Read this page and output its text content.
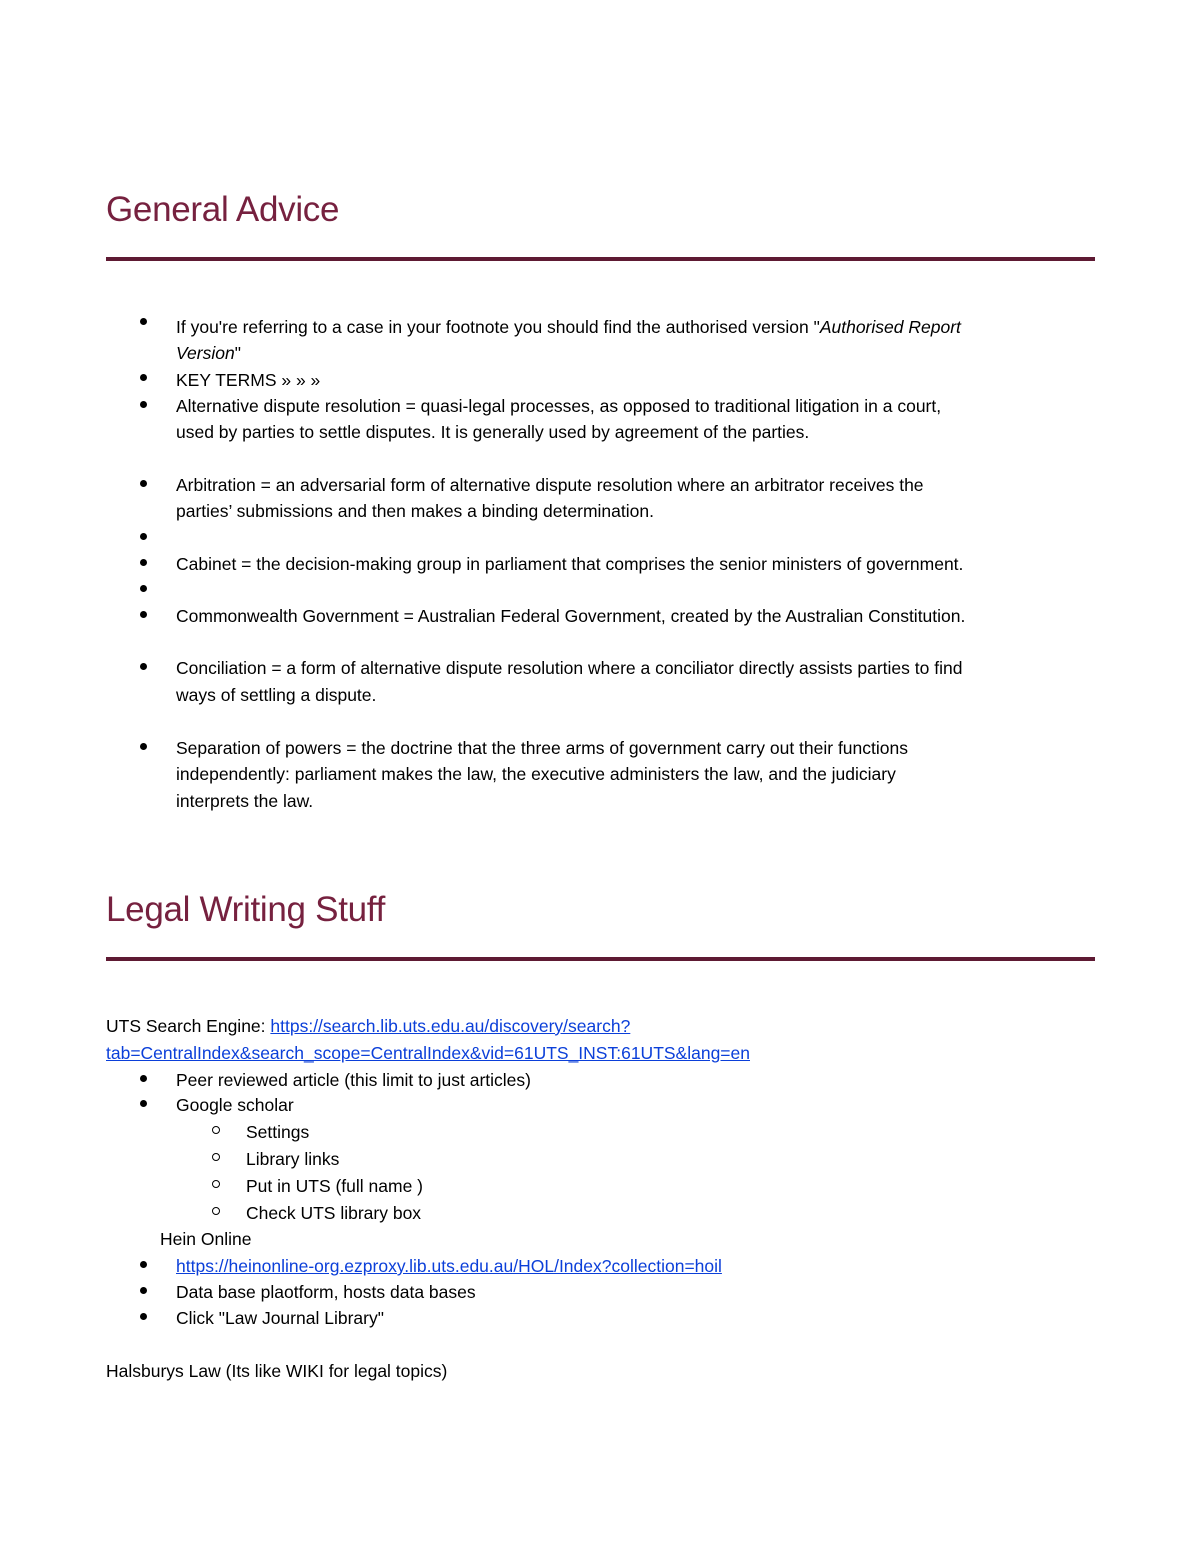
General Advice
If you're referring to a case in your footnote you should find the authorised version "Authorised Report
Version"
KEY TERMS » » »
Alternative dispute resolution = quasi-legal processes, as opposed to traditional litigation in a court,
used by parties to settle disputes. It is generally used by agreement of the parties.
Arbitration = an adversarial form of alternative dispute resolution where an arbitrator receives the
parties’ submissions and then makes a binding determination.
Cabinet = the decision-making group in parliament that comprises the senior ministers of government.
Commonwealth Government = Australian Federal Government, created by the Australian Constitution.
Conciliation = a form of alternative dispute resolution where a conciliator directly assists parties to find
ways of settling a dispute.
Separation of powers = the doctrine that the three arms of government carry out their functions
independently: parliament makes the law, the executive administers the law, and the judiciary
interprets the law.
Legal Writing Stuff
UTS Search Engine: https://search.lib.uts.edu.au/discovery/search?
tab=CentralIndex&search_scope=CentralIndex&vid=61UTS_INST:61UTS&lang=en
Peer reviewed article (this limit to just articles)
Google scholar
Settings
Library links
Put in UTS (full name )
Check UTS library box
Hein Online
https://heinonline-org.ezproxy.lib.uts.edu.au/HOL/Index?collection=hoil
Data base plaotform, hosts data bases
Click "Law Journal Library"
Halsburys Law (Its like WIKI for legal topics)
